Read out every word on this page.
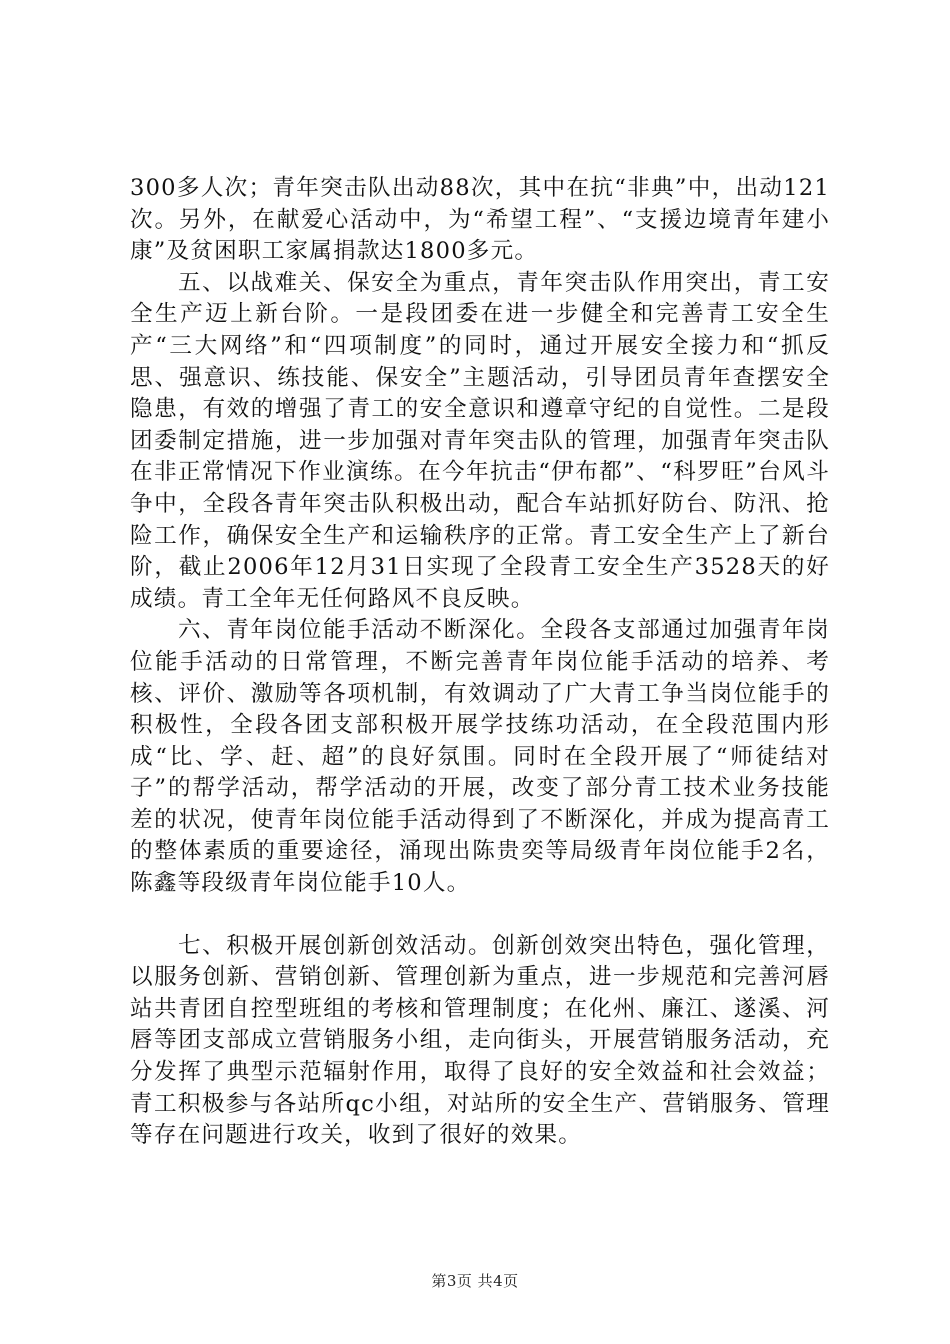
300多人次；青年突击队出动88次，其中在抗“非典”中，出动121次。另外，在献爱心活动中，为“希望工程”、“支援边境青年建小康”及贫困职工家属捐款达1800多元。

五、以战难关、保安全为重点，青年突击队作用突出，青工安全生产迈上新台阶。一是段团委在进一步健全和完善青工安全生产“三大网络”和“四项制度”的同时，通过开展安全接力和“抓反思、强意识、练技能、保安全”主题活动，引导团员青年查摆安全隐患，有效的增强了青工的安全意识和遵章守纪的自觉性。二是段团委制定措施，进一步加强对青年突击队的管理，加强青年突击队在非正常情况下作业演练。在今年抗击“伊布都”、“科罗旺”台风斗争中，全段各青年突击队积极出动，配合车站抓好防台、防汛、抢险工作，确保安全生产和运输秩序的正常。青工安全生产上了新台阶，截止2006年12月31日实现了全段青工安全生产3528天的好成绩。青工全年无任何路风不良反映。

六、青年岗位能手活动不断深化。全段各支部通过加强青年岗位能手活动的日常管理，不断完善青年岗位能手活动的培养、考核、评价、激励等各项机制，有效调动了广大青工争当岗位能手的积极性，全段各团支部积极开展学技练功活动，在全段范围内形成“比、学、赶、超”的良好氛围。同时在全段开展了“师徒结对子”的帮学活动，帮学活动的开展，改变了部分青工技术业务技能差的状况，使青年岗位能手活动得到了不断深化，并成为提高青工的整体素质的重要途径，涌现出陈贵奕等局级青年岗位能手2名，陈鑫等段级青年岗位能手10人。

七、积极开展创新创效活动。创新创效突出特色，强化管理，以服务创新、营销创新、管理创新为重点，进一步规范和完善河唇站共青团自控型班组的考核和管理制度；在化州、廉江、遂溪、河唇等团支部成立营销服务小组，走向街头，开展营销服务活动，充分发挥了典型示范辐射作用，取得了良好的安全效益和社会效益；青工积极参与各站所qc小组，对站所的安全生产、营销服务、管理等存在问题进行攻关，收到了很好的效果。

第3页 共4页
